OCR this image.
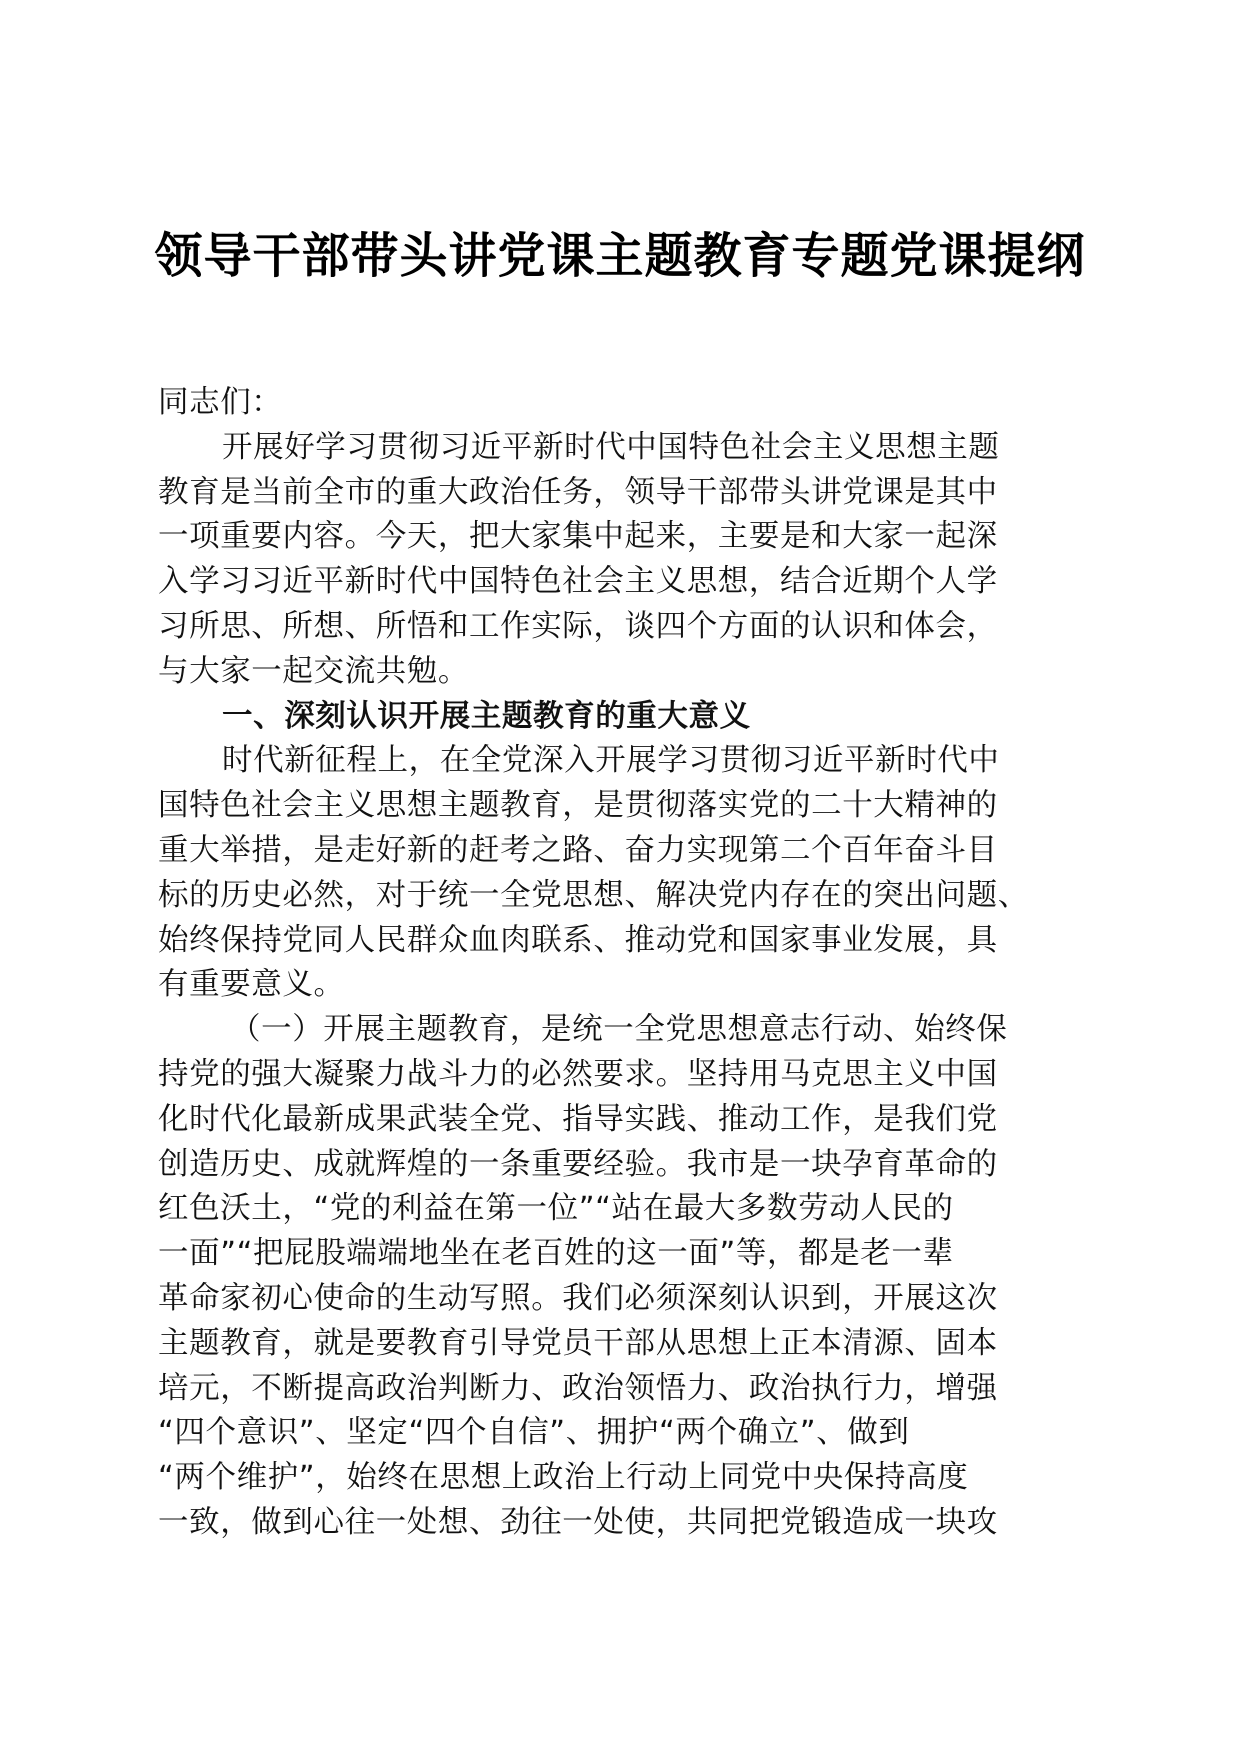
领导干部带头讲党课主题教育专题党课提纲
同志们：
开展好学习贯彻习近平新时代中国特色社会主义思想主题
教育是当前全市的重大政治任务，领导干部带头讲党课是其中
一项重要内容。今天，把大家集中起来，主要是和大家一起深
入学习习近平新时代中国特色社会主义思想，结合近期个人学
习所思、所想、所悟和工作实际，谈四个方面的认识和体会，
与大家一起交流共勉。
一、深刻认识开展主题教育的重大意义
时代新征程上，在全党深入开展学习贯彻习近平新时代中
国特色社会主义思想主题教育，是贯彻落实党的二十大精神的
重大举措，是走好新的赶考之路、奋力实现第二个百年奋斗目
标的历史必然，对于统一全党思想、解决党内存在的突出问题、
始终保持党同人民群众血肉联系、推动党和国家事业发展，具
有重要意义。
（一）开展主题教育，是统一全党思想意志行动、始终保
持党的强大凝聚力战斗力的必然要求。坚持用马克思主义中国
化时代化最新成果武装全党、指导实践、推动工作，是我们党
创造历史、成就辉煌的一条重要经验。我市是一块孕育革命的
红色沃土，“党的利益在第一位”“站在最大多数劳动人民的
一面”“把屁股端端地坐在老百姓的这一面”等，都是老一辈
革命家初心使命的生动写照。我们必须深刻认识到，开展这次
主题教育，就是要教育引导党员干部从思想上正本清源、固本
培元，不断提高政治判断力、政治领悟力、政治执行力，增强
“四个意识”、坚定“四个自信”、拥护“两个确立”、做到
“两个维护”，始终在思想上政治上行动上同党中央保持高度
一致，做到心往一处想、劲往一处使，共同把党锻造成一块攻
